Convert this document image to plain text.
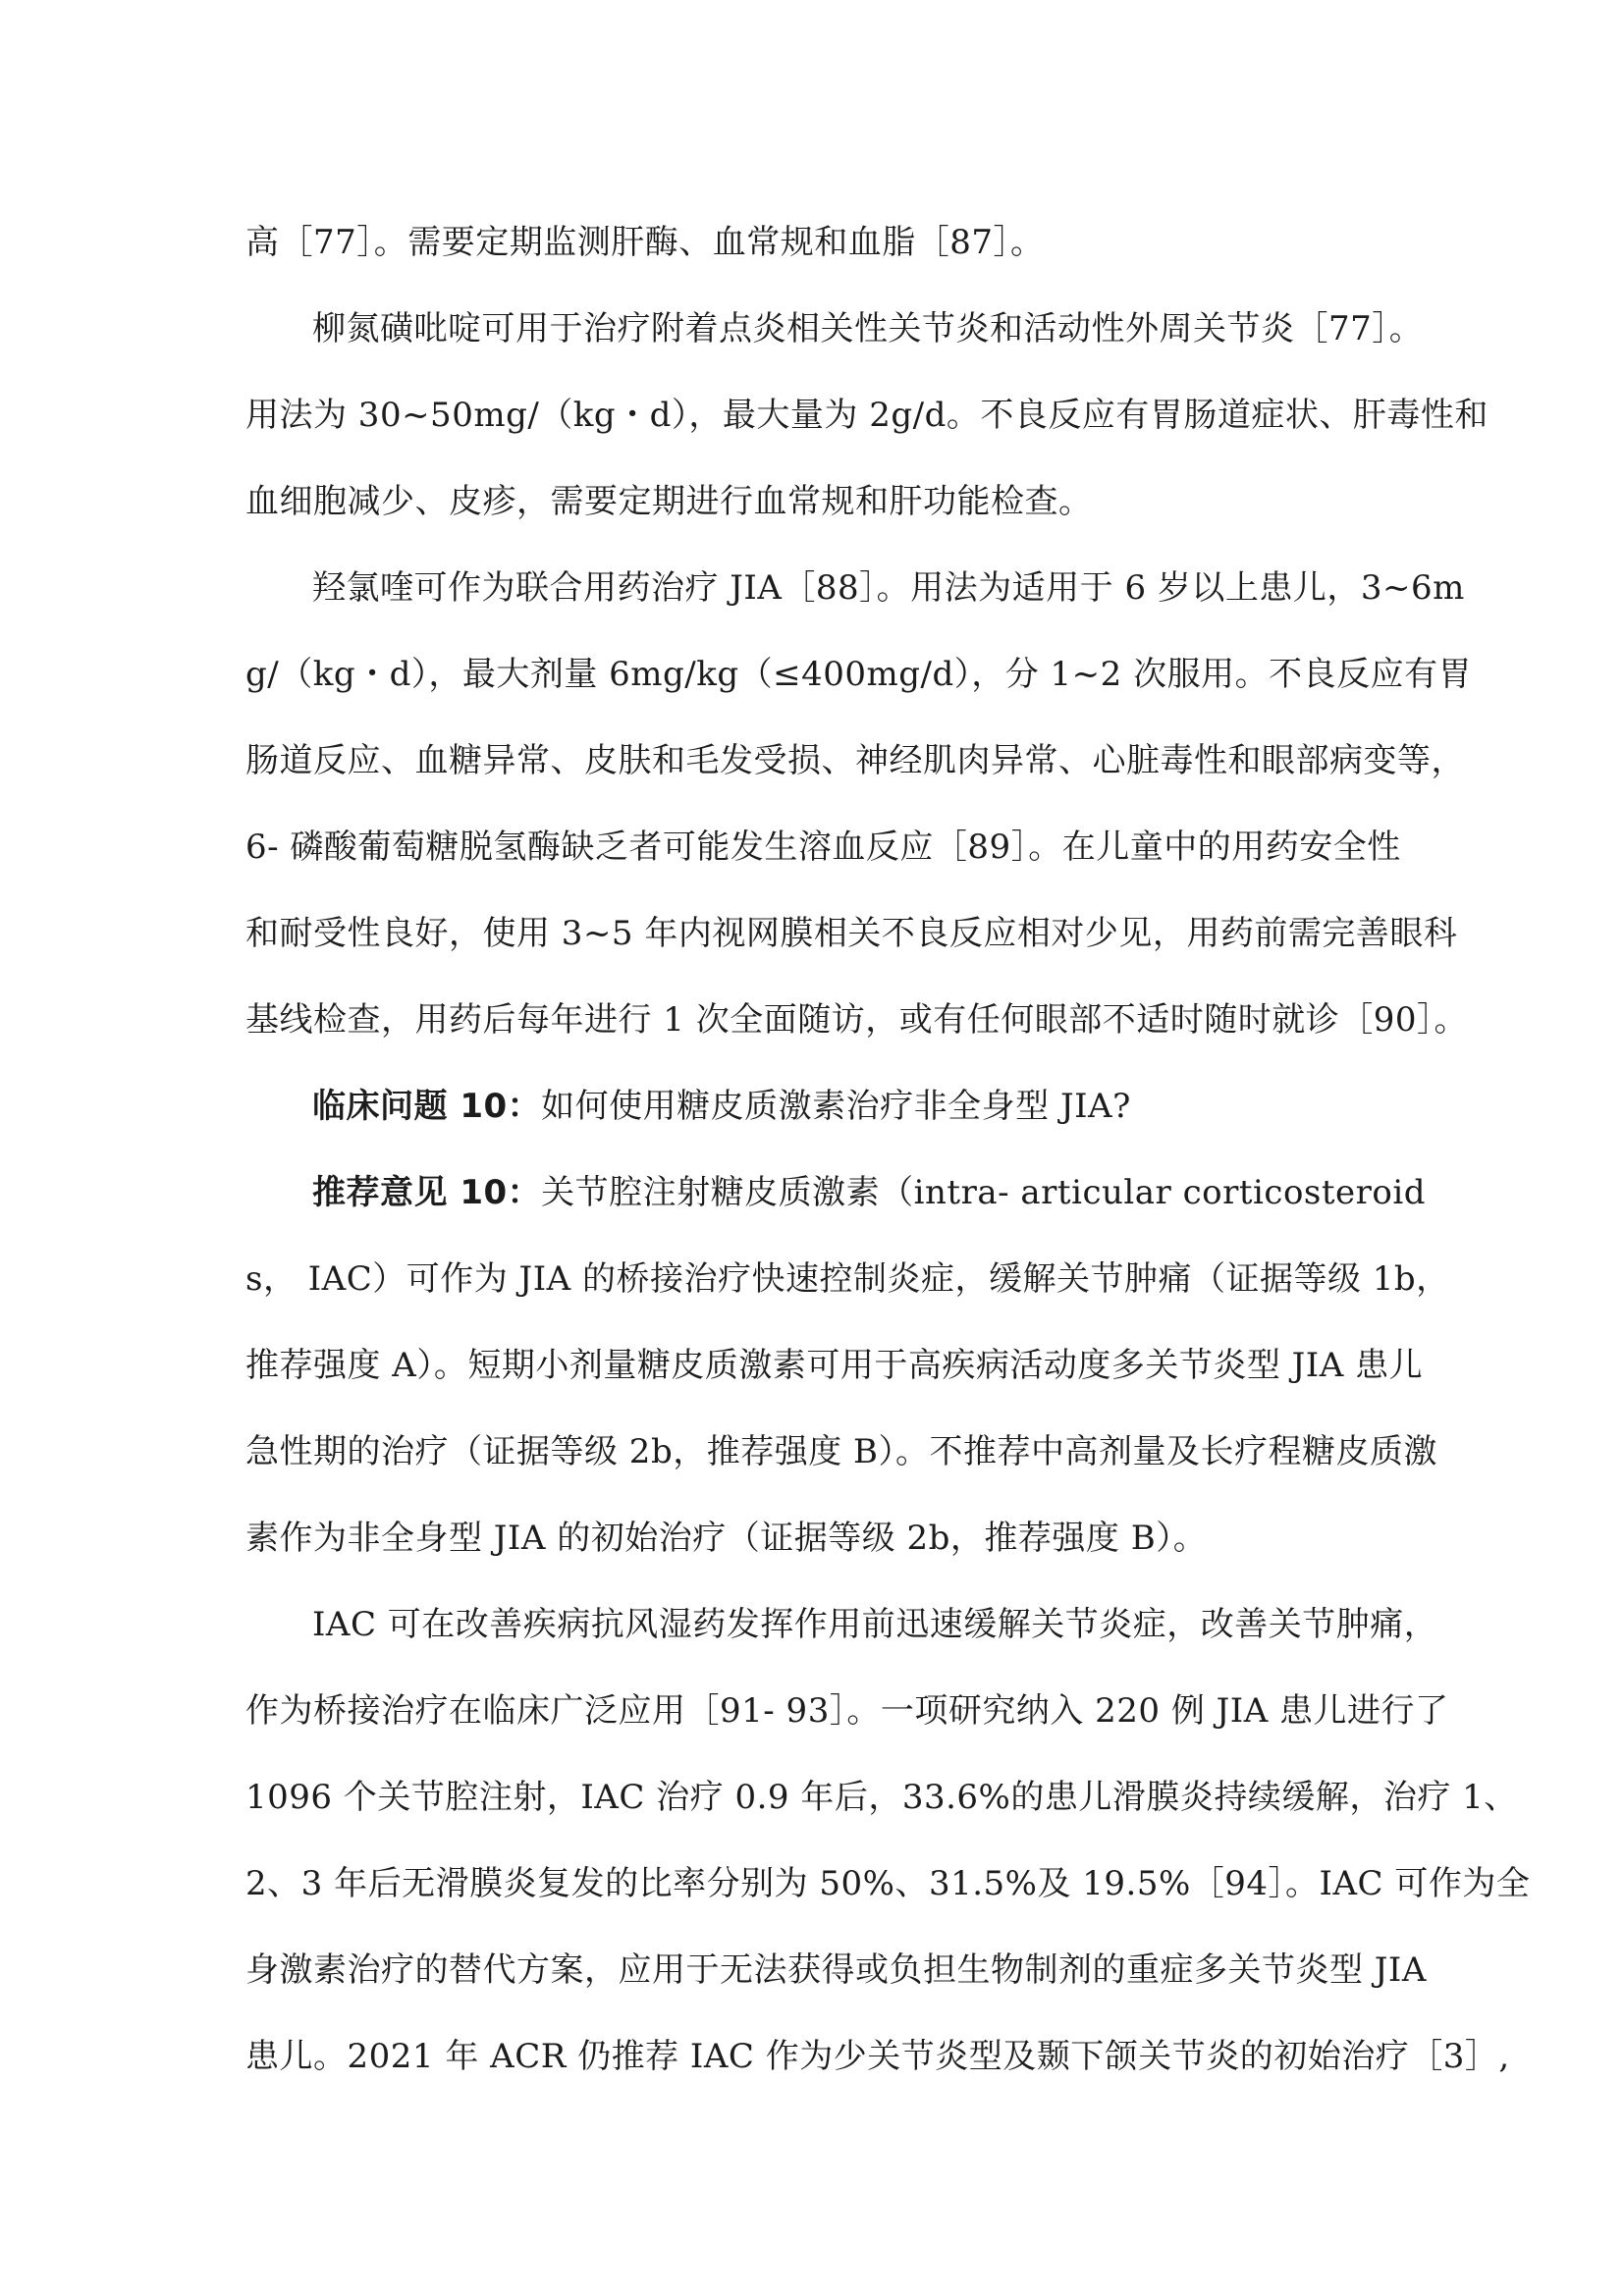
高［77］。需要定期监测肝酶、血常规和血脂［87］。
柳氮磺吡啶可用于治疗附着点炎相关性关节炎和活动性外周关节炎［77］。
用法为 30~50mg/（kg・d），最大量为 2g/d。不良反应有胃肠道症状、肝毒性和
血细胞减少、皮疹，需要定期进行血常规和肝功能检查。
羟氯喹可作为联合用药治疗 JIA［88］。用法为适用于 6 岁以上患儿，3~6m
g/（kg・d），最大剂量 6mg/kg（≤400mg/d），分 1~2 次服用。不良反应有胃
肠道反应、血糖异常、皮肤和毛发受损、神经肌肉异常、心脏毒性和眼部病变等，
6- 磷酸葡萄糖脱氢酶缺乏者可能发生溶血反应［89］。在儿童中的用药安全性
和耐受性良好，使用 3~5 年内视网膜相关不良反应相对少见，用药前需完善眼科
基线检查，用药后每年进行 1 次全面随访，或有任何眼部不适时随时就诊［90］。
临床问题 10：如何使用糖皮质激素治疗非全身型 JIA?
推荐意见 10：关节腔注射糖皮质激素（intra- articular corticosteroid
s， IAC）可作为 JIA 的桥接治疗快速控制炎症，缓解关节肿痛（证据等级 1b，
推荐强度 A）。短期小剂量糖皮质激素可用于高疾病活动度多关节炎型 JIA 患儿
急性期的治疗（证据等级 2b，推荐强度 B）。不推荐中高剂量及长疗程糖皮质激
素作为非全身型 JIA 的初始治疗（证据等级 2b，推荐强度 B）。
IAC 可在改善疾病抗风湿药发挥作用前迅速缓解关节炎症，改善关节肿痛，
作为桥接治疗在临床广泛应用［91- 93］。一项研究纳入 220 例 JIA 患儿进行了
1096 个关节腔注射，IAC 治疗 0.9 年后，33.6%的患儿滑膜炎持续缓解，治疗 1、
2、3 年后无滑膜炎复发的比率分别为 50%、31.5%及 19.5%［94］。IAC 可作为全
身激素治疗的替代方案，应用于无法获得或负担生物制剂的重症多关节炎型 JIA
患儿。2021 年 ACR 仍推荐 IAC 作为少关节炎型及颞下颌关节炎的初始治疗［3］,
